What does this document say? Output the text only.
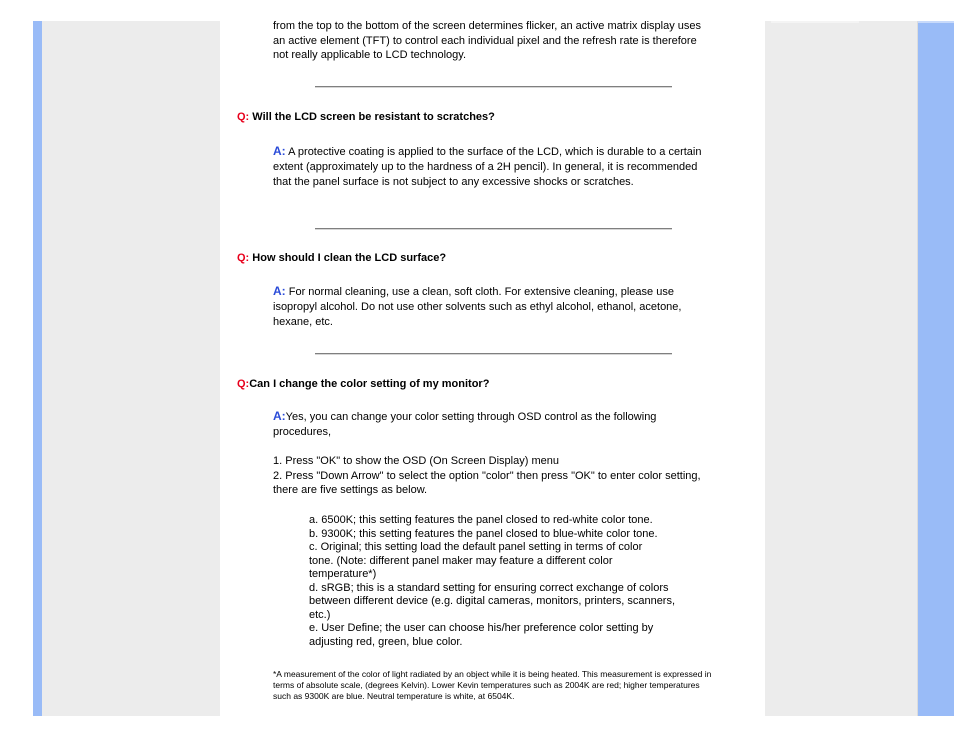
from the top to the bottom of the screen determines flicker, an active matrix display uses an active element (TFT) to control each individual pixel and the refresh rate is therefore not really applicable to LCD technology.
Q: Will the LCD screen be resistant to scratches?
A: A protective coating is applied to the surface of the LCD, which is durable to a certain extent (approximately up to the hardness of a 2H pencil). In general, it is recommended that the panel surface is not subject to any excessive shocks or scratches.
Q: How should I clean the LCD surface?
A: For normal cleaning, use a clean, soft cloth. For extensive cleaning, please use isopropyl alcohol. Do not use other solvents such as ethyl alcohol, ethanol, acetone, hexane, etc.
Q:Can I change the color setting of my monitor?
A:Yes, you can change your color setting through OSD control as the following procedures,
1. Press "OK" to show the OSD (On Screen Display) menu
2. Press "Down Arrow" to select the option "color" then press "OK" to enter color setting, there are five settings as below.
a. 6500K; this setting features the panel closed to red-white color tone.
b. 9300K; this setting features the panel closed to blue-white color tone.
c. Original; this setting load the default panel setting in terms of color tone. (Note: different panel maker may feature a different color temperature*)
d. sRGB; this is a standard setting for ensuring correct exchange of colors between different device (e.g. digital cameras, monitors, printers, scanners, etc.)
e. User Define; the user can choose his/her preference color setting by adjusting red, green, blue color.
*A measurement of the color of light radiated by an object while it is being heated. This measurement is expressed in terms of absolute scale, (degrees Kelvin). Lower Kevin temperatures such as 2004K are red; higher temperatures such as 9300K are blue. Neutral temperature is white, at 6504K.
